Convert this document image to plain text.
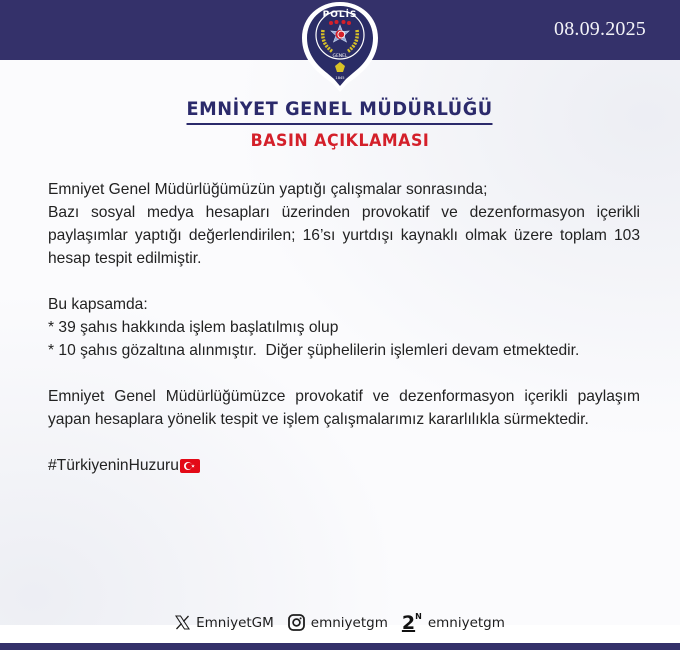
08.09.2025
POLİS
GENEL
1845
EMNİYET GENEL MÜDÜRLÜĞÜ
BASIN AÇIKLAMASI
Emniyet Genel Müdürlüğümüzün yaptığı çalışmalar sonrasında;
Bazı sosyal medya hesapları üzerinden provokatif ve dezenformasyon içerikli paylaşımlar yaptığı değerlendirilen; 16’sı yurtdışı kaynaklı olmak üzere toplam 103 hesap tespit edilmiştir.
Bu kapsamda:
* 39 şahıs hakkında işlem başlatılmış olup
* 10 şahıs gözaltına alınmıştır.  Diğer şüphelilerin işlemleri devam etmektedir.
Emniyet Genel Müdürlüğümüzce provokatif ve dezenformasyon içerikli paylaşım yapan hesaplara yönelik tespit ve işlem çalışmalarımız kararlılıkla sürmektedir.
#TürkiyeninHuzuru
EmniyetGM	emniyetgm $2^N$ emniyetgm
